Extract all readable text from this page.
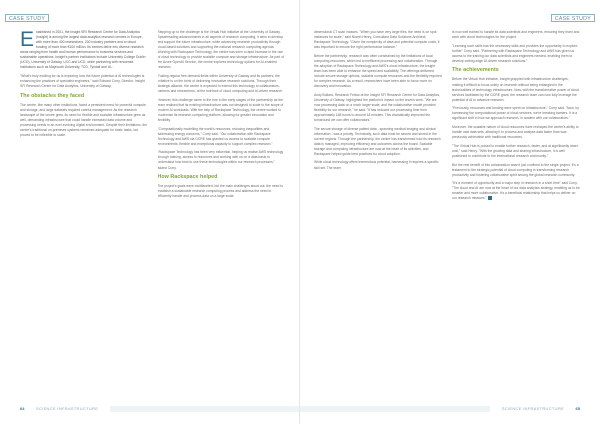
CASE STUDY

Established in 2001, the Insight SRI Research Centre for Data Analytics (Insight) is among the largest data analytics research centres in Europe, with more than 400 researchers, 200 industry partners and a robust funding of more than €100 million. Its centres delve into diverse research areas ranging from health and human performance to business services and sustainable operations. Insight's partner institutions include University College Dublin (UCD), University of Galway, UCC and UCD, while partnering with renowned institutions such as Maynooth University, TCD, Tyndall and UL.

"What's truly exciting for us is exploring how the future potential of AI technologies is enhancing the practices of specialist engineers," said Edward Curry, Director, Insight SFI Research Centre for Data Analytics, University of Galway.

The obstacles they faced

The centre, like many other institutions, faced a persistent need for powerful compute and storage, and large datasets required careful management. As the research landscape of the centre grew, its need for flexible and scalable infrastructure grew as well, demanding infrastructure that could handle increased data volume and processing needs in an ever-evolving digital environment. Despite their limitations, the centre's traditional on-premises systems remained adequate for basic tasks, but proved to be inflexible to scale.

Stepping up to the challenge is the Virtual Hub initiative at the University of Galway. Spearheading advancements in all aspects of research computing, it aims to develop and support the future infrastructure, while advancing research productivity through cloud-based solutions and supporting the national research computing agenda. Working with Rackspace Technology, the centre has seen a rapid increase in the use of cloud technology to provide scalable compute and storage infrastructure. As part of the Azure OpenAI Service, the centre explores technology options for AI-enabled research.

Posting regular free demand fields within University of Galway and its partners, the initiative is on the brink of delivering innovative research solutions. Through their strategic alliance, the centre is expected to extend this technology to collaborators, partners and researchers, at the forefront of cloud computing and AI-driven research.

However, this challenge came to the fore in the early stages of the partnership as the team realised that its existing infrastructure was not designed to scale to the scope of modern AI workloads. With the help of Rackspace Technology, the centre worked to modernise its research computing platform, allowing for greater innovation and flexibility.

"Computationally modelling the world's resources, reducing inequalities and addressing energy concerns," Curry said. "Our collaboration with Rackspace Technology and AWS via GCRE has granted us access to scalable compute environments, flexible and exceptional capacity to support complex research."

"Rackspace Technology has been very influential, helping us realise AWS technology through training, access to resources and working with us on a data basis to understand how best to use these technologies within our research processes," added Curry.

How Rackspace helped

The project's goals were multifaceted, but the main challenges stood out: the need to establish a sustainable research computing process and address the need to efficiently handle and process data on a large scale.

64	SCIENCE INFRASTRUCTURE
CASE STUDY

dimensional CT scan masses. "When you have very large files, the need is on spot instances for scale," said Niamh Henry, Consultant Data Solutions Architect, Rackspace Technology. "Given the complexity of data and potential compute costs, it was important to ensure the right performance balance."

Before the partnership, research was often constrained by the limitations of local computing resources, which led to inefficient processing and collaboration. Through the adoption of Rackspace Technology and AWS's cloud infrastructure, the Insight team has been able to enhance the speed and scalability. The offerings delivered include secure storage options, scalable compute resources and the flexibility required for complex research. As a result, researchers have been able to focus more on discovery and innovation.

Andy Bullard, Research Fellow at the Insight SFI Research Centre for Data Analytics, University of Galway, highlighted the platform's impact on the team's work. "We are now processing data on a much larger scale, and the collaborative model provides flexibility for our research," he said. "It has reduced our processing time from approximately 168 hours to around 18 minutes. This dramatically improved the turnaround we can offer collaborators."

The secure storage of diverse patient data - spanning medical imaging and clinical information - was a priority. Technically, such data must be secure and stored in the correct regions. Through the partnership, the centre has transformed how its research data is managed, improving efficiency and outcomes across the board. Scalable storage and computing infrastructure are now at the heart of its activities, and Rackspace helped guide best practices for cloud adoption.

While cloud technology offers tremendous potential, harnessing it requires a specific skill set. The team

is now well trained to handle its data scientists and engineers, ensuring they learn and work with cloud technologies for the project.

"Learning such skills has the necessary skills and provides the opportunity to explore further" Curry said. "Partnering with Rackspace Technology and AWS has given us access to the training our data scientists and engineers needed, enabling them to develop cutting-edge AI-driven research solutions."

The achievements

Before the Virtual Hub initiative, Insight grappled with infrastructure challenges, making it difficult to focus solely on research without being entangled in the technicalities of technology infrastructure. Now, with the transformative power of cloud services facilitated by the GCRE grant, the research team can now fully leverage the potential of AI to advance research.

"Previously, resources and funding were spent on infrastructure," Curry said. "Now, by harnessing the computational power of cloud services, we're breaking barriers. It is a significant shift in how we approach research, in tandem with our collaborators."

Moreover, the scalable nature of cloud resources have reshaped the centre's ability to handle vast data sets, allowing it to process and analyse data faster than was previously achievable with traditional resources.

"The Virtual Hub is poised to enable further research, faster, and at significantly lower cost," said Henry. "With the growing data and sharing infrastructure, it is well positioned to contribute to the international research community."

But the real benefit of this collaboration wasn't just confined to the single project. It's a testament to the strategic potential of cloud computing in transforming research productivity and fostering collaborative spirit among the global research community.

"It's a moment of opportunity and a major step in research in a short time" said Curry. "The cloud and AI are now at the heart of our data analytics strategy, enabling us to be smarter and more collaborative. It's a beneficial relationship that helps us deliver on our research missions."

SCIENCE INFRASTRUCTURE	65
